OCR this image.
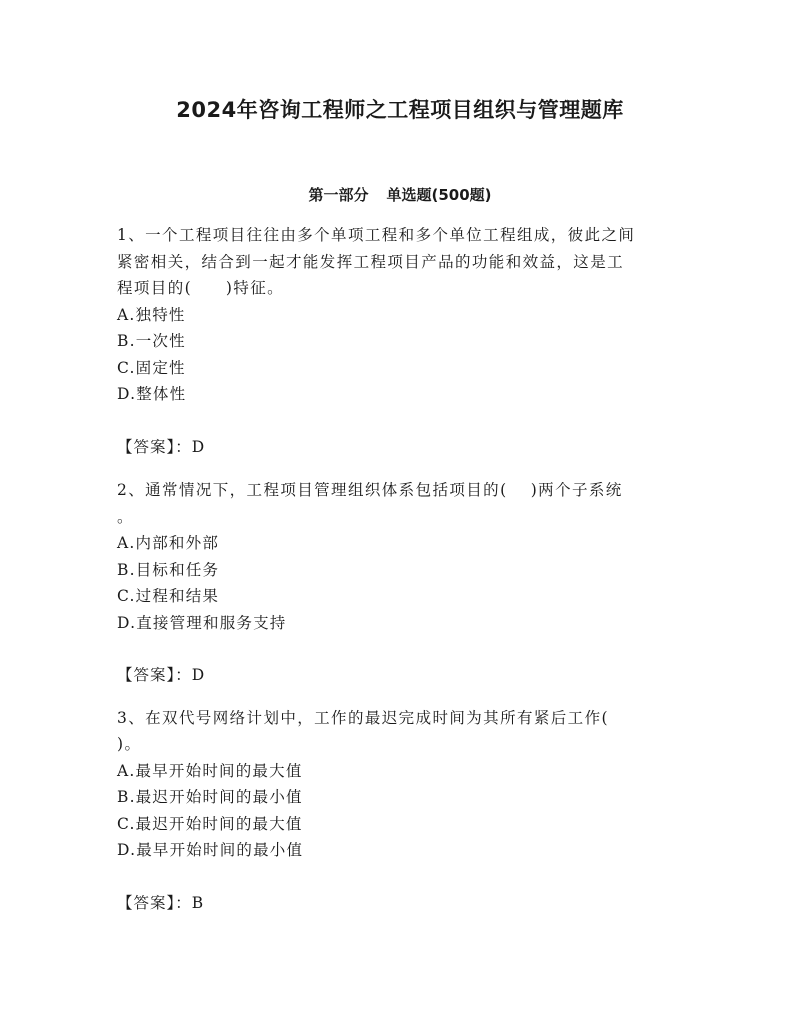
2024年咨询工程师之工程项目组织与管理题库
第一部分 单选题(500题)

1、一个工程项目往往由多个单项工程和多个单位工程组成，彼此之间

紧密相关，结合到一起才能发挥工程项目产品的功能和效益，这是工

程项目的(　　)特征。

A.独特性

B.一次性

C.固定性

D.整体性

【答案】：D

2、通常情况下，工程项目管理组织体系包括项目的(　 )两个子系统

。

A.内部和外部

B.目标和任务

C.过程和结果

D.直接管理和服务支持

【答案】：D

3、在双代号网络计划中，工作的最迟完成时间为其所有紧后工作(

)。

A.最早开始时间的最大值

B.最迟开始时间的最小值

C.最迟开始时间的最大值

D.最早开始时间的最小值

【答案】：B
